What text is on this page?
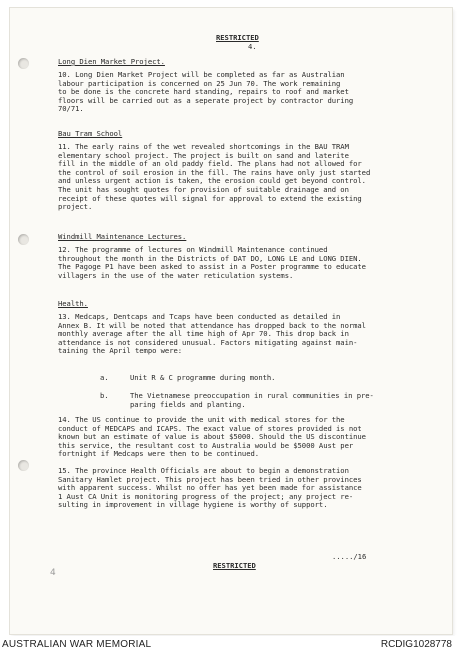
RESTRICTED
4.
Long Dien Market Project.
10. Long Dien Market Project will be completed as far as Australian
labour participation is concerned on 25 Jun 70. The work remaining
to be done is the concrete hard standing, repairs to roof and market
floors will be carried out as a seperate project by contractor during
70/71.
Bau Tram School
11. The early rains of the wet revealed shortcomings in the BAU TRAM
elementary school project. The project is built on sand and laterite
fill in the middle of an old paddy field. The plans had not allowed for
the control of soil erosion in the fill. The rains have only just started
and unless urgent action is taken, the erosion could get beyond control.
The unit has sought quotes for provision of suitable drainage and on
receipt of these quotes will signal for approval to extend the existing
project.
Windmill Maintenance Lectures.
12. The programme of lectures on Windmill Maintenance continued
throughout the month in the Districts of DAT DO, LONG LE and LONG DIEN.
The Pagoge P1 have been asked to assist in a Poster programme to educate
villagers in the use of the water reticulation systems.
Health.
13. Medcaps, Dentcaps and Tcaps have been conducted as detailed in
Annex B. It will be noted that attendance has dropped back to the normal
monthly average after the all time high of Apr 70. This drop back in
attendance is not considered unusual. Factors mitigating against main-
taining the April tempo were:
a.	Unit R & C programme during month.
b.	The Vietnamese preoccupation in rural communities in pre-
paring fields and planting.
14. The US continue to provide the unit with medical stores for the
conduct of MEDCAPS and ICAPS. The exact value of stores provided is not
known but an estimate of value is about $5000. Should the US discontinue
this service, the resultant cost to Australia would be $5000 Aust per
fortnight if Medcaps were then to be continued.
15. The province Health Officials are about to begin a demonstration
Sanitary Hamlet project. This project has been tried in other provinces
with apparent success. Whilst no offer has yet been made for assistance
1 Aust CA Unit is monitoring progress of the project; any project re-
sulting in improvement in village hygiene is worthy of support.
...../16
RESTRICTED
4
AUSTRALIAN WAR MEMORIAL	RCDIG1028778
